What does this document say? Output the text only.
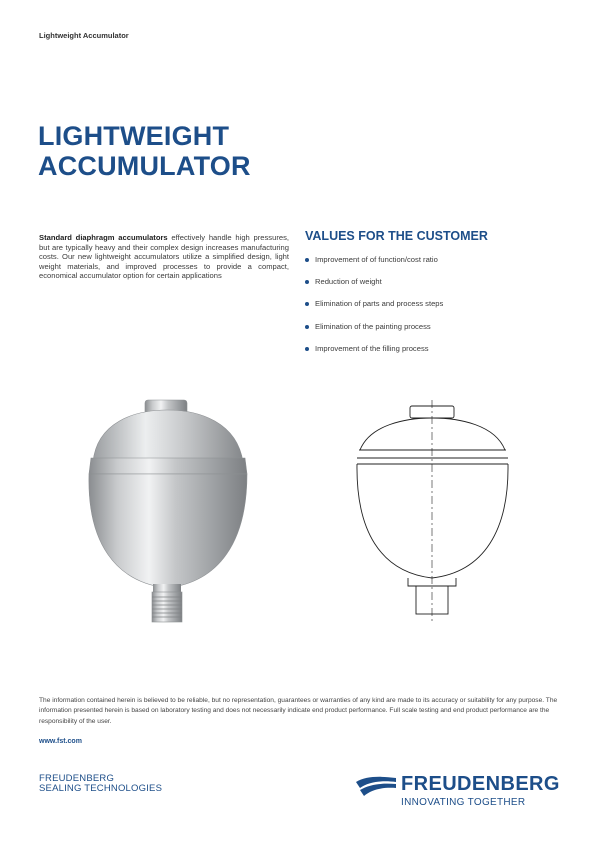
Lightweight Accumulator
LIGHTWEIGHT
ACCUMULATOR
Standard diaphragm accumulators effectively handle high pressures, but are typically heavy and their complex design increases manufacturing costs. Our new lightweight accumulators utilize a simplified design, light weight materials, and improved processes to provide a compact, economical accumulator option for certain applications
VALUES FOR THE CUSTOMER
Improvement of of function/cost ratio
Reduction of weight
Elimination of parts and process steps
Elimination of the painting process
Improvement of the filling process
The information contained herein is believed to be reliable, but no representation, guarantees or warranties of any kind are made to its accuracy or suitability for any purpose. The information presented herein is based on laboratory testing and does not necessarily indicate end product performance. Full scale testing and end product performance are the responsibility of the user.
www.fst.com
FREUDENBERG
SEALING TECHNOLOGIES	FREUDENBERG
INNOVATING TOGETHER
